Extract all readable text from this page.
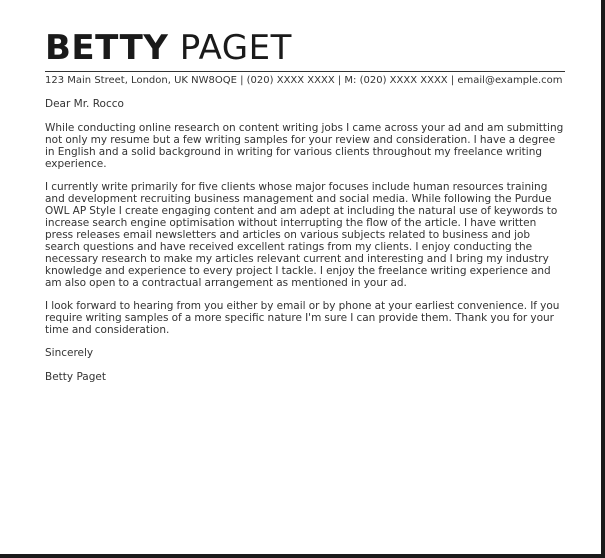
BETTY PAGET
123 Main Street, London, UK NW8OQE | (020) XXXX XXXX | M: (020) XXXX XXXX | email@example.com
Dear Mr. Rocco

While conducting online research on content writing jobs I came across your ad and am submitting not only my resume but a few writing samples for your review and consideration. I have a degree in English and a solid background in writing for various clients throughout my freelance writing experience.

I currently write primarily for five clients whose major focuses include human resources training and development recruiting business management and social media. While following the Purdue OWL AP Style I create engaging content and am adept at including the natural use of keywords to increase search engine optimisation without interrupting the flow of the article. I have written press releases email newsletters and articles on various subjects related to business and job search questions and have received excellent ratings from my clients. I enjoy conducting the necessary research to make my articles relevant current and interesting and I bring my industry knowledge and experience to every project I tackle. I enjoy the freelance writing experience and am also open to a contractual arrangement as mentioned in your ad.

I look forward to hearing from you either by email or by phone at your earliest convenience. If you require writing samples of a more specific nature I'm sure I can provide them. Thank you for your time and consideration.

Sincerely
Betty Paget
